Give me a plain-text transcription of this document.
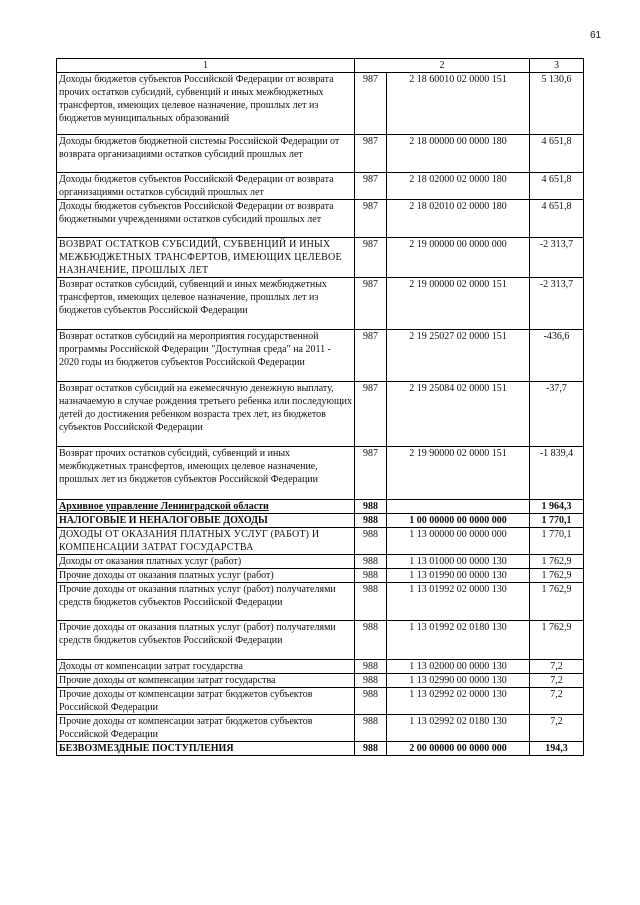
61
1	2		3
Доходы бюджетов субъектов Российской Федерации от возврата прочих остатков субсидий, субвенций и иных межбюджетных трансфертов, имеющих целевое назначение, прошлых лет из бюджетов муниципальных образований	987	2 18 60010 02 0000 151	5 130,6
Доходы бюджетов бюджетной системы Российской Федерации от возврата организациями остатков субсидий прошлых лет	987	2 18 00000 00 0000 180	4 651,8
Доходы бюджетов субъектов Российской Федерации от возврата организациями остатков субсидий прошлых лет	987	2 18 02000 02 0000 180	4 651,8
Доходы бюджетов субъектов Российской Федерации от возврата бюджетными учреждениями остатков субсидий прошлых лет	987	2 18 02010 02 0000 180	4 651,8
ВОЗВРАТ ОСТАТКОВ СУБСИДИЙ, СУБВЕНЦИЙ И ИНЫХ МЕЖБЮДЖЕТНЫХ ТРАНСФЕРТОВ, ИМЕЮЩИХ ЦЕЛЕВОЕ НАЗНАЧЕНИЕ, ПРОШЛЫХ ЛЕТ	987	2 19 00000 00 0000 000	-2 313,7
Возврат остатков субсидий, субвенций и иных межбюджетных трансфертов, имеющих целевое назначение, прошлых лет из бюджетов субъектов Российской Федерации	987	2 19 00000 02 0000 151	-2 313,7
Возврат остатков субсидий на мероприятия государственной программы Российской Федерации "Доступная среда" на 2011 - 2020 годы из бюджетов субъектов Российской Федерации	987	2 19 25027 02 0000 151	-436,6
Возврат остатков субсидий на ежемесячную денежную выплату, назначаемую в случае рождения третьего ребенка или последующих детей до достижения ребенком возраста трех лет, из бюджетов субъектов Российской Федерации	987	2 19 25084 02 0000 151	-37,7
Возврат прочих остатков субсидий, субвенций и иных межбюджетных трансфертов, имеющих целевое назначение, прошлых лет из бюджетов субъектов Российской Федерации	987	2 19 90000 02 0000 151	-1 839,4
Архивное управление Ленинградской области	988		1 964,3
НАЛОГОВЫЕ И НЕНАЛОГОВЫЕ ДОХОДЫ	988	1 00 00000 00 0000 000	1 770,1
ДОХОДЫ ОТ ОКАЗАНИЯ ПЛАТНЫХ УСЛУГ (РАБОТ) И КОМПЕНСАЦИИ ЗАТРАТ ГОСУДАРСТВА	988	1 13 00000 00 0000 000	1 770,1
Доходы от оказания платных услуг (работ)	988	1 13 01000 00 0000 130	1 762,9
Прочие доходы от оказания платных услуг (работ)	988	1 13 01990 00 0000 130	1 762,9
Прочие доходы от оказания платных услуг (работ) получателями средств бюджетов субъектов Российской Федерации	988	1 13 01992 02 0000 130	1 762,9
Прочие доходы от оказания платных услуг (работ) получателями средств бюджетов субъектов Российской Федерации	988	1 13 01992 02 0180 130	1 762,9
Доходы от компенсации затрат государства	988	1 13 02000 00 0000 130	7,2
Прочие доходы от компенсации затрат государства	988	1 13 02990 00 0000 130	7,2
Прочие доходы от компенсации затрат бюджетов субъектов Российской Федерации	988	1 13 02992 02 0000 130	7,2
Прочие доходы от компенсации затрат бюджетов субъектов Российской Федерации	988	1 13 02992 02 0180 130	7,2
БЕЗВОЗМЕЗДНЫЕ ПОСТУПЛЕНИЯ	988	2 00 00000 00 0000 000	194,3
